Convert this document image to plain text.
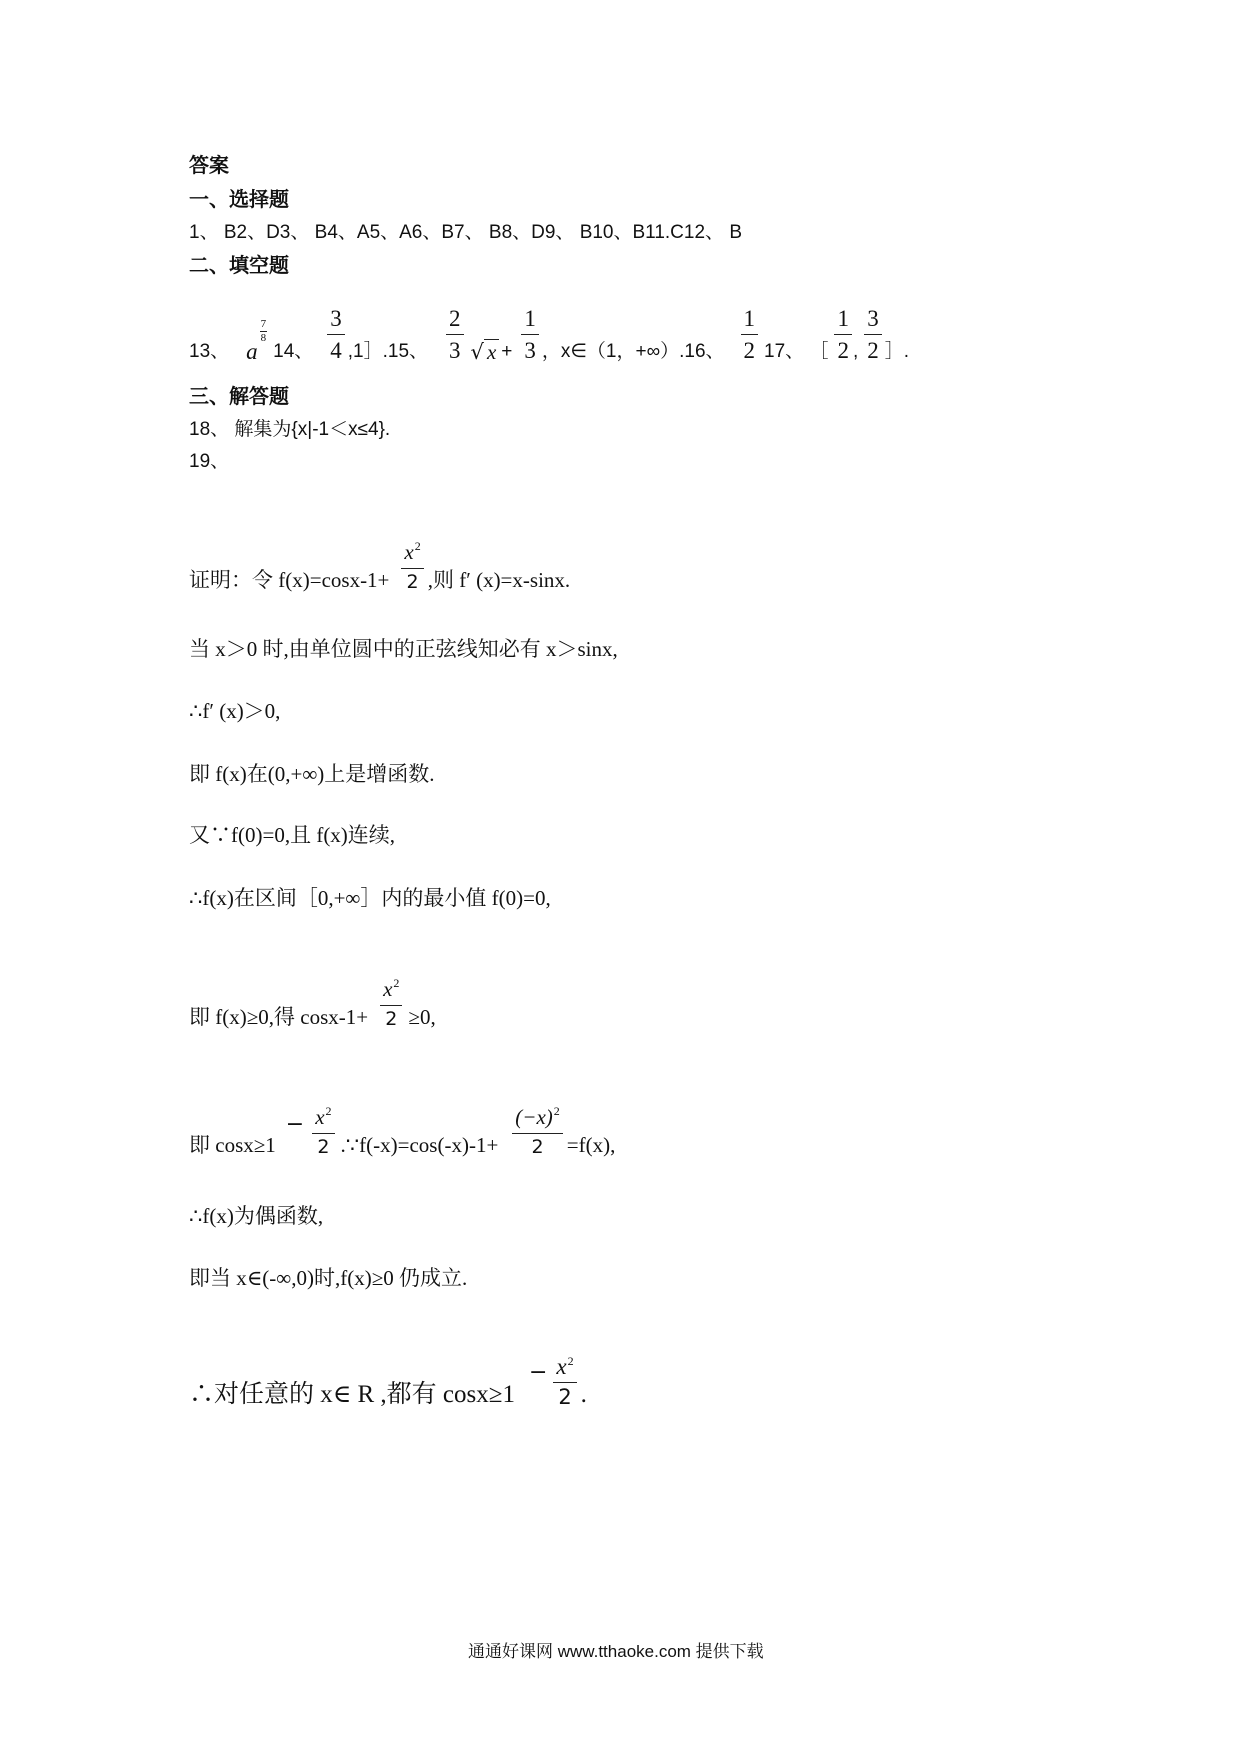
答案
一、选择题
1、 B2、D3、 B4、A5、A6、B7、 B8、D9、 B10、B11.C12、 B
二、填空题
13、 a
$\frac{7}{8}$
14、 $\frac{3}{4}$ ,1］.15、 $\frac{2}{3}$ √ $x + \frac{1}{3}$ ，x∈（1，+∞）.16、 $\frac{1}{2} 17$、 ［ $\frac{1}{2}$ , $\frac{3}{2}$ ］.
三、解答题
18、 解集为{x|-1＜x≤4}.
19、
证明：令 $f(x)=\cos x-1+ \frac{x^2}{2}$ ,则 f′ (x)=x-sinx.
当 x＞0 时,由单位圆中的正弦线知必有 x＞sinx,
∴f′ (x)＞0,
即 f(x)在(0,+∞)上是增函数.
又∵f(0)=0,且 f(x)连续,
∴f(x)在区间［0,+∞］内的最小值 f(0)=0,
即 f(x)≥0,得 $\cos x-1+ \frac{x^2}{2} \ge 0$,
即 cosx≥1
− $\frac{x^2}{2}$ .∵f(-x)=cos(-x)-1+ $\frac{(-x)^2}{2} =f(x)$,
∴f(x)为偶函数,
即当 x∈(-∞,0)时,f(x)≥0 仍成立.
∴对任意的 x∈ R ,都有 cosx≥1
− $\frac{x^2}{2}$ .
通通好课网 www.tthaoke.com 提供下载
